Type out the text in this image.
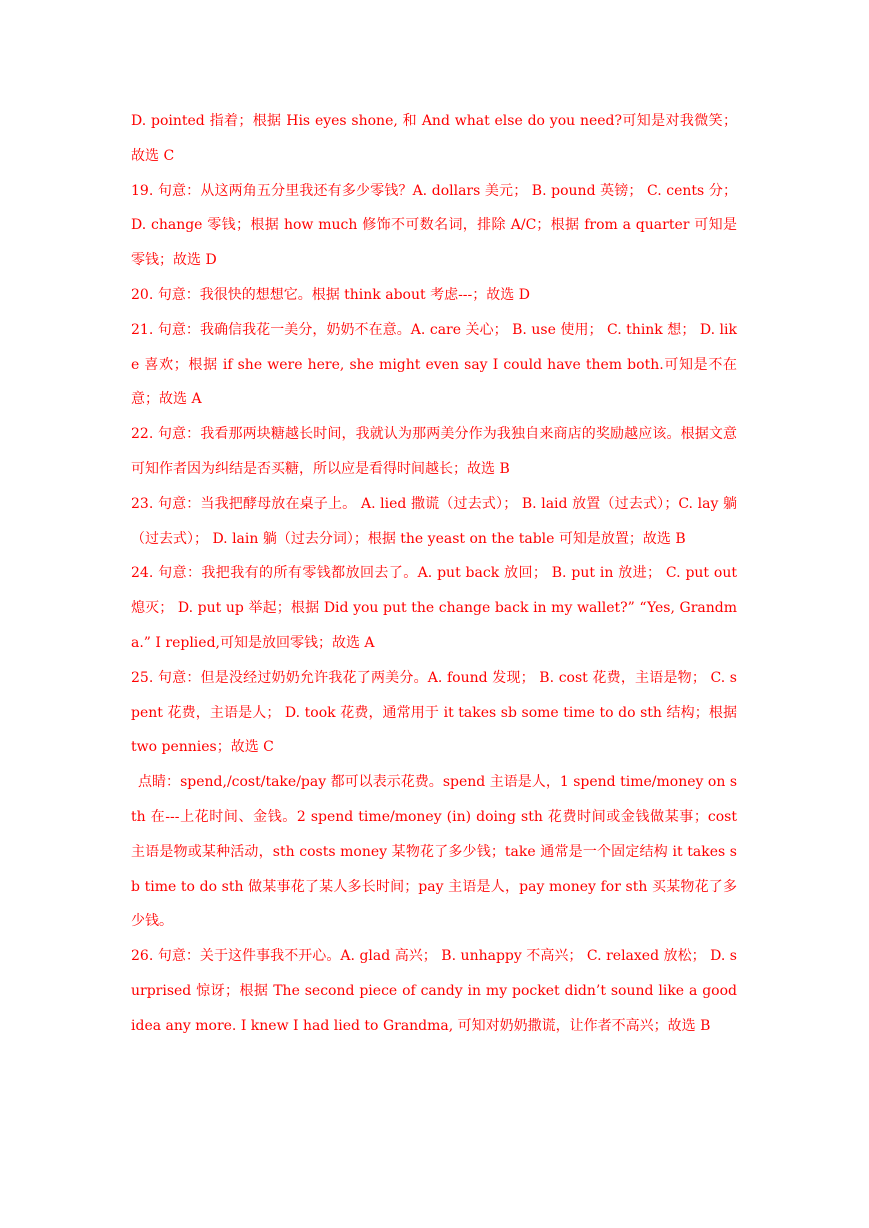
D. pointed 指着；根据 His eyes shone, 和 And what else do you need?可知是对我微笑；故选 C

19. 句意：从这两角五分里我还有多少零钱？A. dollars 美元； B. pound 英镑； C. cents 分； D. change 零钱；根据 how much 修饰不可数名词，排除 A/C；根据 from a quarter 可知是零钱；故选 D

20. 句意：我很快的想想它。根据 think about 考虑---；故选 D

21. 句意：我确信我花一美分，奶奶不在意。A. care 关心； B. use 使用； C. think 想； D. like 喜欢；根据 if she were here, she might even say I could have them both.可知是不在意；故选 A

22. 句意：我看那两块糖越长时间，我就认为那两美分作为我独自来商店的奖励越应该。根据文意可知作者因为纠结是否买糖，所以应是看得时间越长；故选 B

23. 句意：当我把酵母放在桌子上。 A. lied 撒谎（过去式）； B. laid 放置（过去式）；C. lay 躺（过去式）； D. lain 躺（过去分词）；根据 the yeast on the table 可知是放置；故选 B

24. 句意：我把我有的所有零钱都放回去了。A. put back 放回； B. put in 放进； C. put out 熄灭； D. put up 举起；根据 Did you put the change back in my wallet?” “Yes, Grandma.” I replied,可知是放回零钱；故选 A

25. 句意：但是没经过奶奶允许我花了两美分。A. found 发现； B. cost 花费，主语是物； C. spent 花费，主语是人； D. took 花费，通常用于 it takes sb some time to do sth 结构；根据 two pennies；故选 C

点睛：spend,/cost/take/pay 都可以表示花费。spend 主语是人，1 spend time/money on sth 在---上花时间、金钱。2 spend time/money (in) doing sth 花费时间或金钱做某事；cost 主语是物或某种活动，sth costs money 某物花了多少钱；take 通常是一个固定结构 it takes sb time to do sth 做某事花了某人多长时间；pay 主语是人，pay money for sth 买某物花了多少钱。

26. 句意：关于这件事我不开心。A. glad 高兴； B. unhappy 不高兴； C. relaxed 放松； D. surprised 惊讶；根据 The second piece of candy in my pocket didn’t sound like a good idea any more. I knew I had lied to Grandma, 可知对奶奶撒谎，让作者不高兴；故选 B
